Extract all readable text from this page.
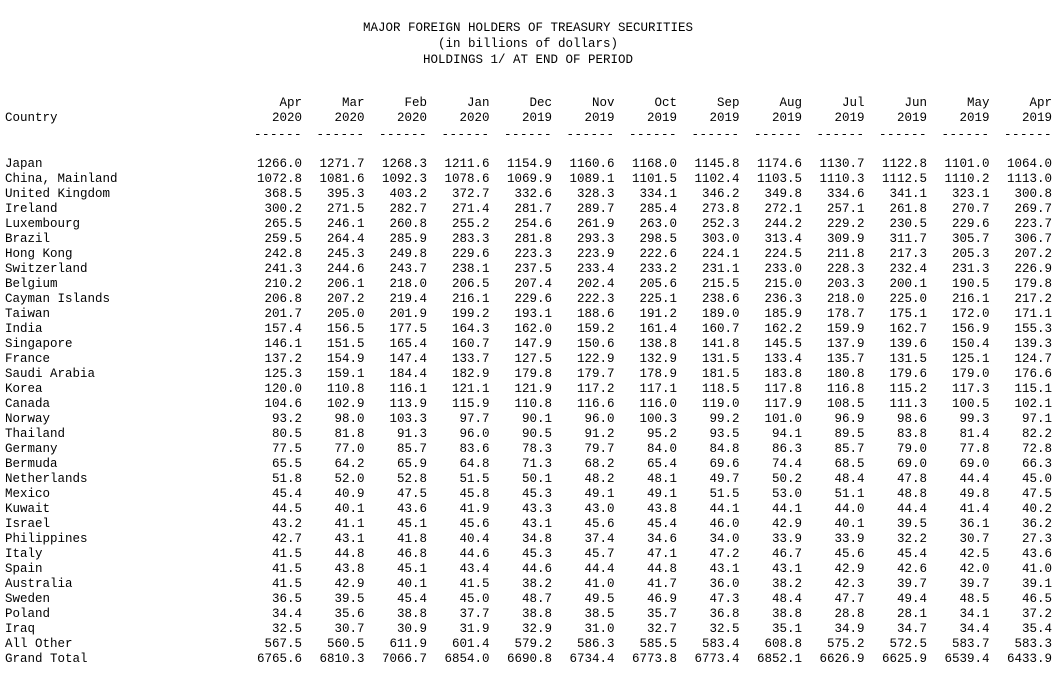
MAJOR FOREIGN HOLDERS OF TREASURY SECURITIES
(in billions of dollars)
HOLDINGS 1/ AT END OF PERIOD
	Apr	Mar	Feb	Jan	Dec	Nov	Oct	Sep	Aug	Jul	Jun	May	Apr
Country	2020	2020	2020	2020	2019	2019	2019	2019	2019	2019	2019	2019	2019
	------	------	------	------	------	------	------	------	------	------	------	------	------

Japan	1266.0	1271.7	1268.3	1211.6	1154.9	1160.6	1168.0	1145.8	1174.6	1130.7	1122.8	1101.0	1064.0
China, Mainland	1072.8	1081.6	1092.3	1078.6	1069.9	1089.1	1101.5	1102.4	1103.5	1110.3	1112.5	1110.2	1113.0
United Kingdom	368.5	395.3	403.2	372.7	332.6	328.3	334.1	346.2	349.8	334.6	341.1	323.1	300.8
Ireland	300.2	271.5	282.7	271.4	281.7	289.7	285.4	273.8	272.1	257.1	261.8	270.7	269.7
Luxembourg	265.5	246.1	260.8	255.2	254.6	261.9	263.0	252.3	244.2	229.2	230.5	229.6	223.7
Brazil	259.5	264.4	285.9	283.3	281.8	293.3	298.5	303.0	313.4	309.9	311.7	305.7	306.7
Hong Kong	242.8	245.3	249.8	229.6	223.3	223.9	222.6	224.1	224.5	211.8	217.3	205.3	207.2
Switzerland	241.3	244.6	243.7	238.1	237.5	233.4	233.2	231.1	233.0	228.3	232.4	231.3	226.9
Belgium	210.2	206.1	218.0	206.5	207.4	202.4	205.6	215.5	215.0	203.3	200.1	190.5	179.8
Cayman Islands	206.8	207.2	219.4	216.1	229.6	222.3	225.1	238.6	236.3	218.0	225.0	216.1	217.2
Taiwan	201.7	205.0	201.9	199.2	193.1	188.6	191.2	189.0	185.9	178.7	175.1	172.0	171.1
India	157.4	156.5	177.5	164.3	162.0	159.2	161.4	160.7	162.2	159.9	162.7	156.9	155.3
Singapore	146.1	151.5	165.4	160.7	147.9	150.6	138.8	141.8	145.5	137.9	139.6	150.4	139.3
France	137.2	154.9	147.4	133.7	127.5	122.9	132.9	131.5	133.4	135.7	131.5	125.1	124.7
Saudi Arabia	125.3	159.1	184.4	182.9	179.8	179.7	178.9	181.5	183.8	180.8	179.6	179.0	176.6
Korea	120.0	110.8	116.1	121.1	121.9	117.2	117.1	118.5	117.8	116.8	115.2	117.3	115.1
Canada	104.6	102.9	113.9	115.9	110.8	116.6	116.0	119.0	117.9	108.5	111.3	100.5	102.1
Norway	93.2	98.0	103.3	97.7	90.1	96.0	100.3	99.2	101.0	96.9	98.6	99.3	97.1
Thailand	80.5	81.8	91.3	96.0	90.5	91.2	95.2	93.5	94.1	89.5	83.8	81.4	82.2
Germany	77.5	77.0	85.7	83.6	78.3	79.7	84.0	84.8	86.3	85.7	79.0	77.8	72.8
Bermuda	65.5	64.2	65.9	64.8	71.3	68.2	65.4	69.6	74.4	68.5	69.0	69.0	66.3
Netherlands	51.8	52.0	52.8	51.5	50.1	48.2	48.1	49.7	50.2	48.4	47.8	44.4	45.0
Mexico	45.4	40.9	47.5	45.8	45.3	49.1	49.1	51.5	53.0	51.1	48.8	49.8	47.5
Kuwait	44.5	40.1	43.6	41.9	43.3	43.0	43.8	44.1	44.1	44.0	44.4	41.4	40.2
Israel	43.2	41.1	45.1	45.6	43.1	45.6	45.4	46.0	42.9	40.1	39.5	36.1	36.2
Philippines	42.7	43.1	41.8	40.4	34.8	37.4	34.6	34.0	33.9	33.9	32.2	30.7	27.3
Italy	41.5	44.8	46.8	44.6	45.3	45.7	47.1	47.2	46.7	45.6	45.4	42.5	43.6
Spain	41.5	43.8	45.1	43.4	44.6	44.4	44.8	43.1	43.1	42.9	42.6	42.0	41.0
Australia	41.5	42.9	40.1	41.5	38.2	41.0	41.7	36.0	38.2	42.3	39.7	39.7	39.1
Sweden	36.5	39.5	45.4	45.0	48.7	49.5	46.9	47.3	48.4	47.7	49.4	48.5	46.5
Poland	34.4	35.6	38.8	37.7	38.8	38.5	35.7	36.8	38.8	28.8	28.1	34.1	37.2
Iraq	32.5	30.7	30.9	31.9	32.9	31.0	32.7	32.5	35.1	34.9	34.7	34.4	35.4
All Other	567.5	560.5	611.9	601.4	579.2	586.3	585.5	583.4	608.8	575.2	572.5	583.7	583.3
Grand Total	6765.6	6810.3	7066.7	6854.0	6690.8	6734.4	6773.8	6773.4	6852.1	6626.9	6625.9	6539.4	6433.9
